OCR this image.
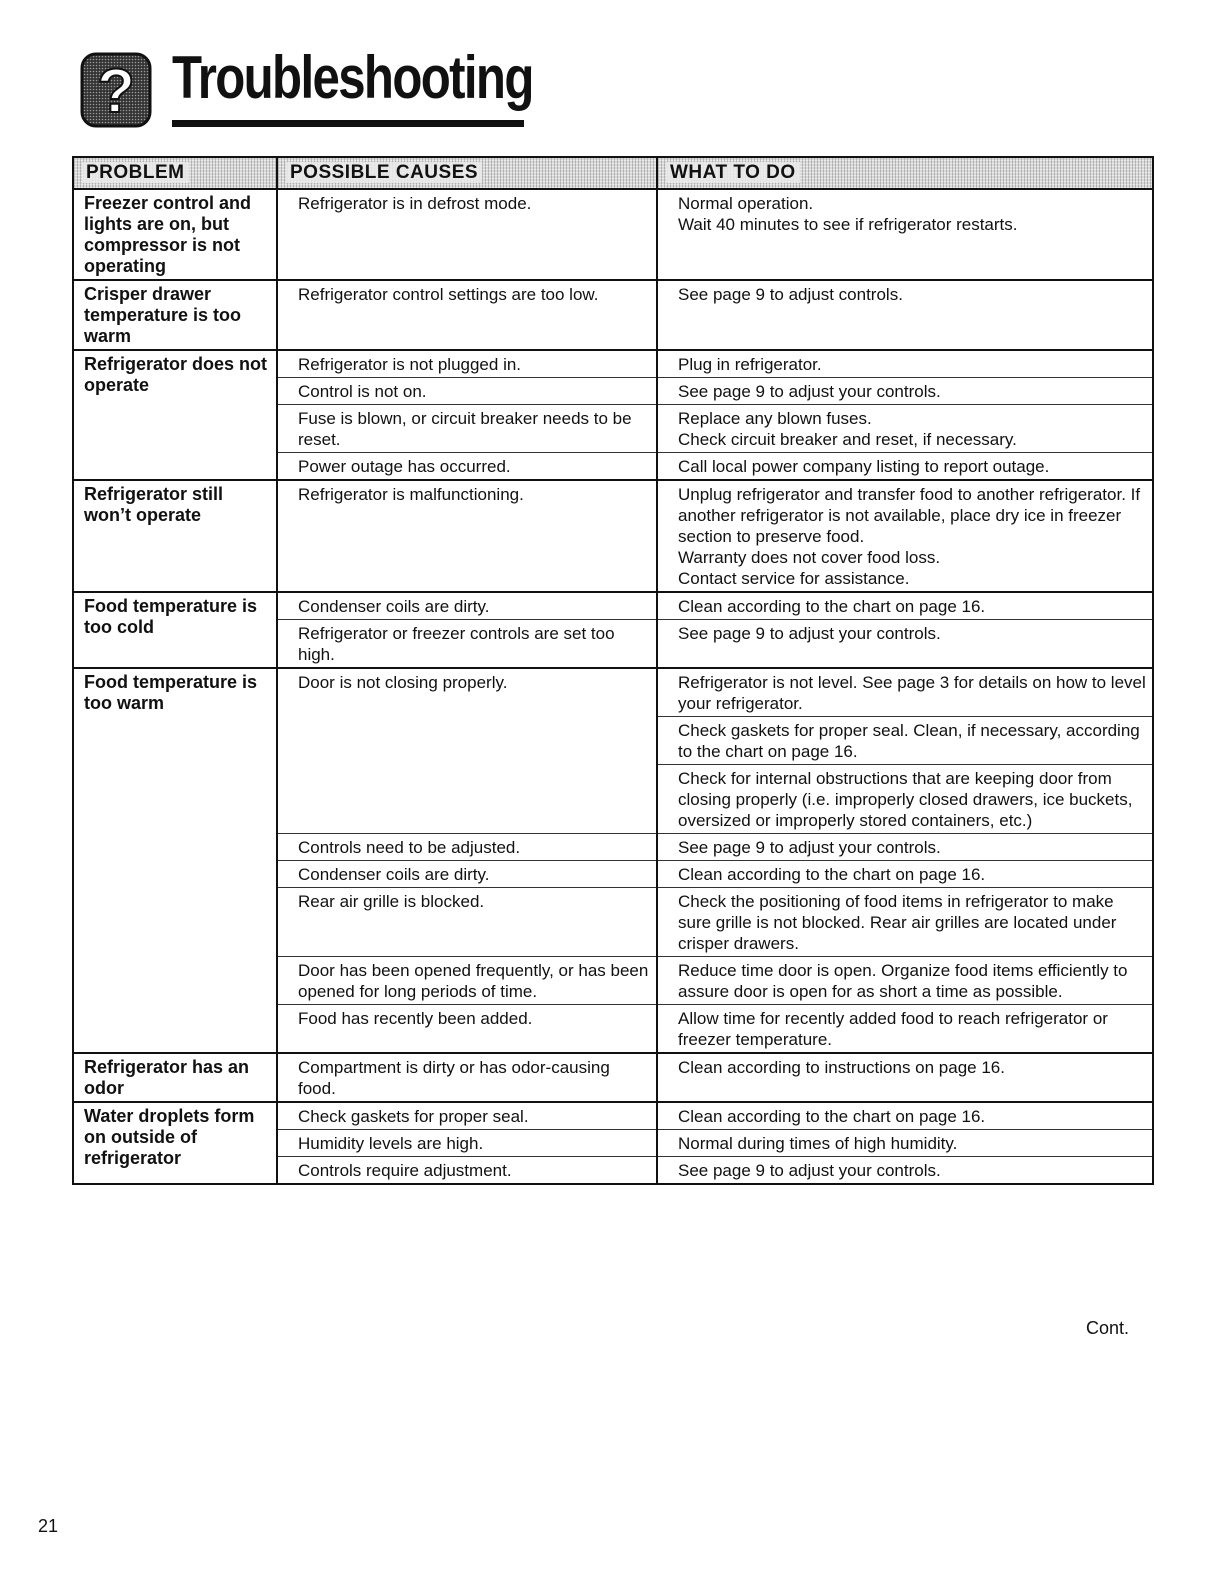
? Troubleshooting
PROBLEM	POSSIBLE CAUSES	WHAT TO DO
Freezer control and lights are on, but compressor is not operating	Refrigerator is in defrost mode.	Normal operation.
Wait 40 minutes to see if refrigerator restarts.
Crisper drawer temperature is too warm	Refrigerator control settings are too low.	See page 9 to adjust controls.
Refrigerator does not operate	Refrigerator is not plugged in.	Plug in refrigerator.
	Control is not on.	See page 9 to adjust your controls.
	Fuse is blown, or circuit breaker needs to be reset.	Replace any blown fuses.
Check circuit breaker and reset, if necessary.
	Power outage has occurred.	Call local power company listing to report outage.
Refrigerator still won’t operate	Refrigerator is malfunctioning.	Unplug refrigerator and transfer food to another refrigerator. If another refrigerator is not available, place dry ice in freezer section to preserve food.
Warranty does not cover food loss.
Contact service for assistance.
Food temperature is too cold	Condenser coils are dirty.	Clean according to the chart on page 16.
	Refrigerator or freezer controls are set too high.	See page 9 to adjust your controls.
Food temperature is too warm	Door is not closing properly.	Refrigerator is not level. See page 3 for details on how to level your refrigerator.
		Check gaskets for proper seal. Clean, if necessary, according to the chart on page 16.
		Check for internal obstructions that are keeping door from closing properly (i.e. improperly closed drawers, ice buckets, oversized or improperly stored containers, etc.)
	Controls need to be adjusted.	See page 9 to adjust your controls.
	Condenser coils are dirty.	Clean according to the chart on page 16.
	Rear air grille is blocked.	Check the positioning of food items in refrigerator to make sure grille is not blocked. Rear air grilles are located under crisper drawers.
	Door has been opened frequently, or has been opened for long periods of time.	Reduce time door is open. Organize food items efficiently to assure door is open for as short a time as possible.
	Food has recently been added.	Allow time for recently added food to reach refrigerator or freezer temperature.
Refrigerator has an odor	Compartment is dirty or has odor-causing food.	Clean according to instructions on page 16.
Water droplets form on outside of refrigerator	Check gaskets for proper seal.	Clean according to the chart on page 16.
	Humidity levels are high.	Normal during times of high humidity.
	Controls require adjustment.	See page 9 to adjust your controls.
Cont.
21
